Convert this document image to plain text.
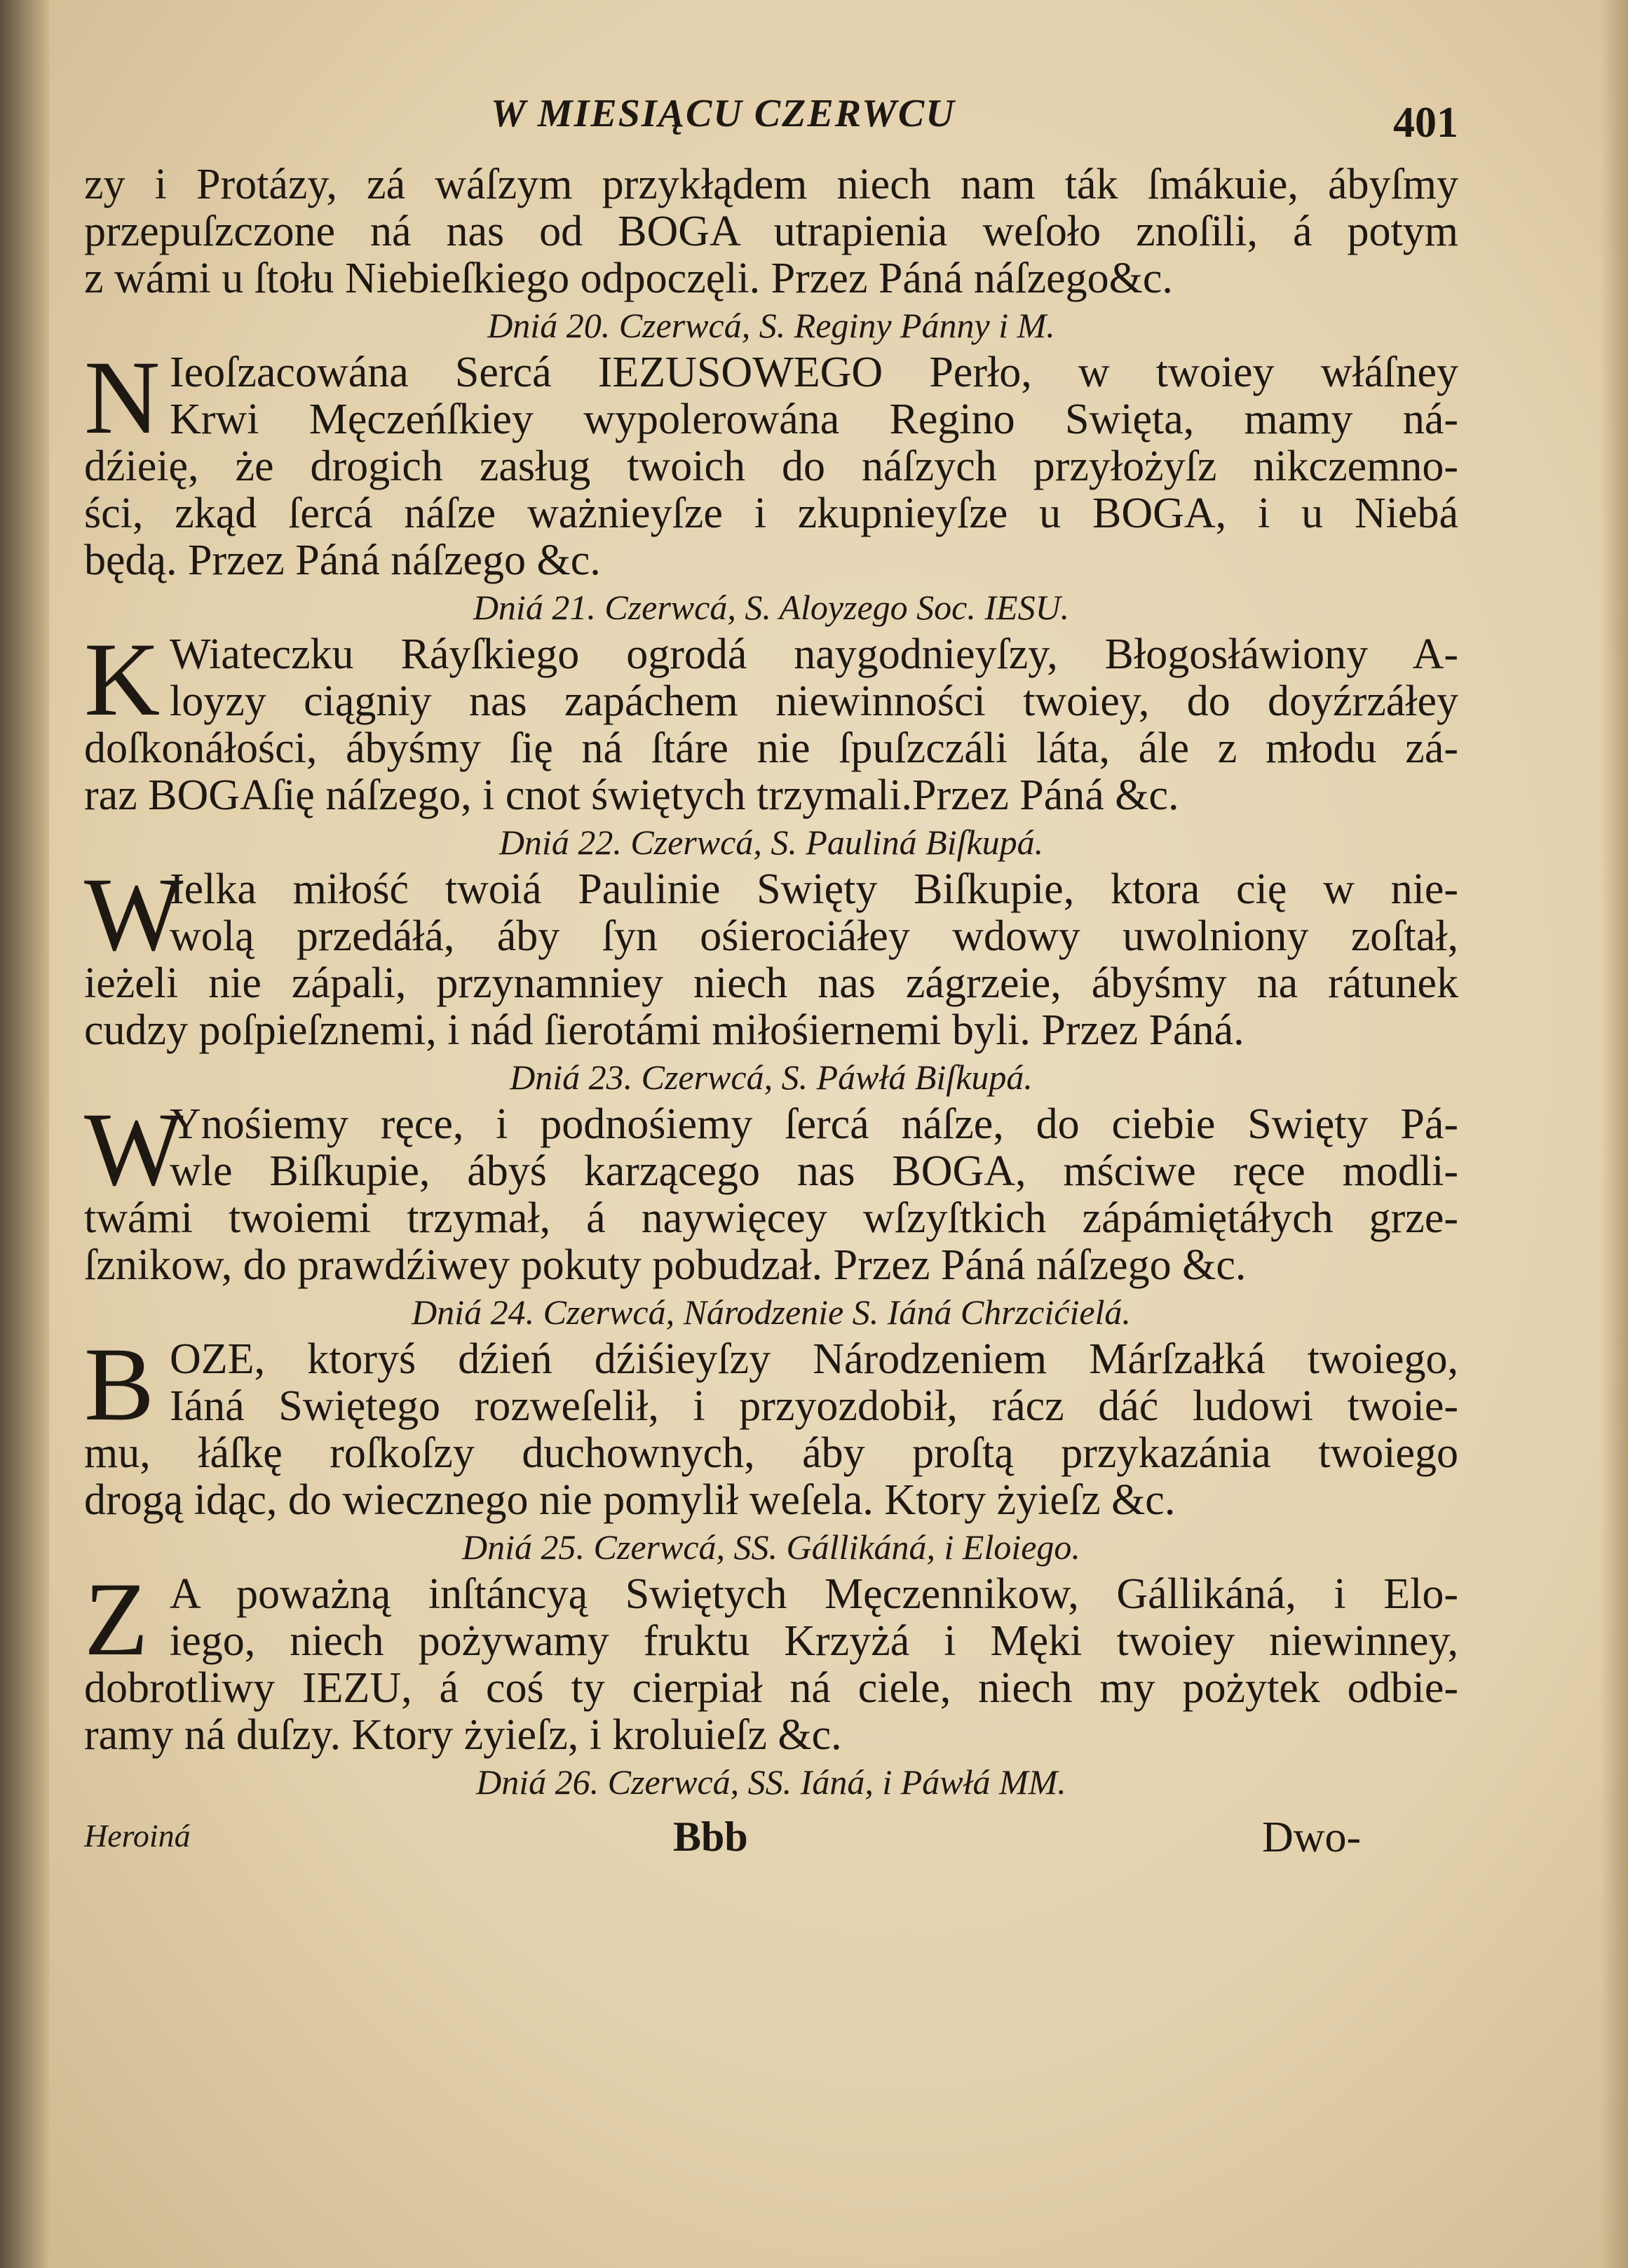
W MIESIĄCU CZERWCU	401
zy i Protázy, zá wáſzym przykłądem niech nam ták ſmákuie, ábyſmy
przepuſzczone ná nas od BOGA utrapienia weſoło znoſili, á potym
z wámi u ſtołu Niebieſkiego odpoczęli. Przez Páná náſzego&c.
Dniá 20. Czerwcá, S. Reginy Pánny i M.
N Ieoſzacowána Sercá IEZUSOWEGO Perło, w twoiey włáſney
Krwi Męczeńſkiey wypolerowána Regino Swięta, mamy ná-
dźieię, że drogich zasług twoich do náſzych przyłożyſz nikczemno-
ści, zkąd ſercá náſze ważnieyſze i zkupnieyſze u BOGA, i u Niebá
będą. Przez Páná náſzego &c.
Dniá 21. Czerwcá, S. Aloyzego Soc. IESU.
K Wiateczku Ráyſkiego ogrodá naygodnieyſzy, Błogosłáwiony A-
loyzy ciągniy nas zapáchem niewinności twoiey, do doyźrzáłey
doſkonáłości, ábyśmy ſię ná ſtáre nie ſpuſzczáli láta, ále z młodu zá-
raz BOGAſię náſzego, i cnot świętych trzymali.Przez Páná &c.
Dniá 22. Czerwcá, S. Pauliná Biſkupá.
W
Ielka miłość twoiá Paulinie Swięty Biſkupie, ktora cię w nie-
wolą przedáłá, áby ſyn ośierociáłey wdowy uwolniony zoſtał,
ieżeli nie zápali, przynamniey niech nas zágrzeie, ábyśmy na rátunek
cudzy poſpieſznemi, i nád ſierotámi miłośiernemi byli. Przez Páná.
Dniá 23. Czerwcá, S. Páwłá Biſkupá.
W
Ynośiemy ręce, i podnośiemy ſercá náſze, do ciebie Swięty Pá-
wle Biſkupie, ábyś karzącego nas BOGA, mściwe ręce modli-
twámi twoiemi trzymał, á naywięcey wſzyſtkich zápámiętáłych grze-
ſznikow, do prawdźiwey pokuty pobudzał. Przez Páná náſzego &c.
Dniá 24. Czerwcá, Národzenie S. Iáná Chrzcićielá.
B OZE, ktoryś dźień dźiśieyſzy Národzeniem Márſzałká twoiego,
Iáná Swiętego rozweſelił, i przyozdobił, rácz dáć ludowi twoie-
mu, łáſkę roſkoſzy duchownych, áby proſtą przykazánia twoiego
drogą idąc, do wiecznego nie pomylił weſela. Ktory żyieſz &c.
Dniá 25. Czerwcá, SS. Gállikáná, i Eloiego.
Z A poważną inſtáncyą Swiętych Męczennikow, Gállikáná, i Elo-
iego, niech pożywamy fruktu Krzyżá i Męki twoiey niewinney,
dobrotliwy IEZU, á coś ty cierpiał ná ciele, niech my pożytek odbie-
ramy ná duſzy. Ktory żyieſz, i kroluieſz &c.
Dniá 26. Czerwcá, SS. Iáná, i Páwłá MM.
Heroiná	Bbb	Dwo-
